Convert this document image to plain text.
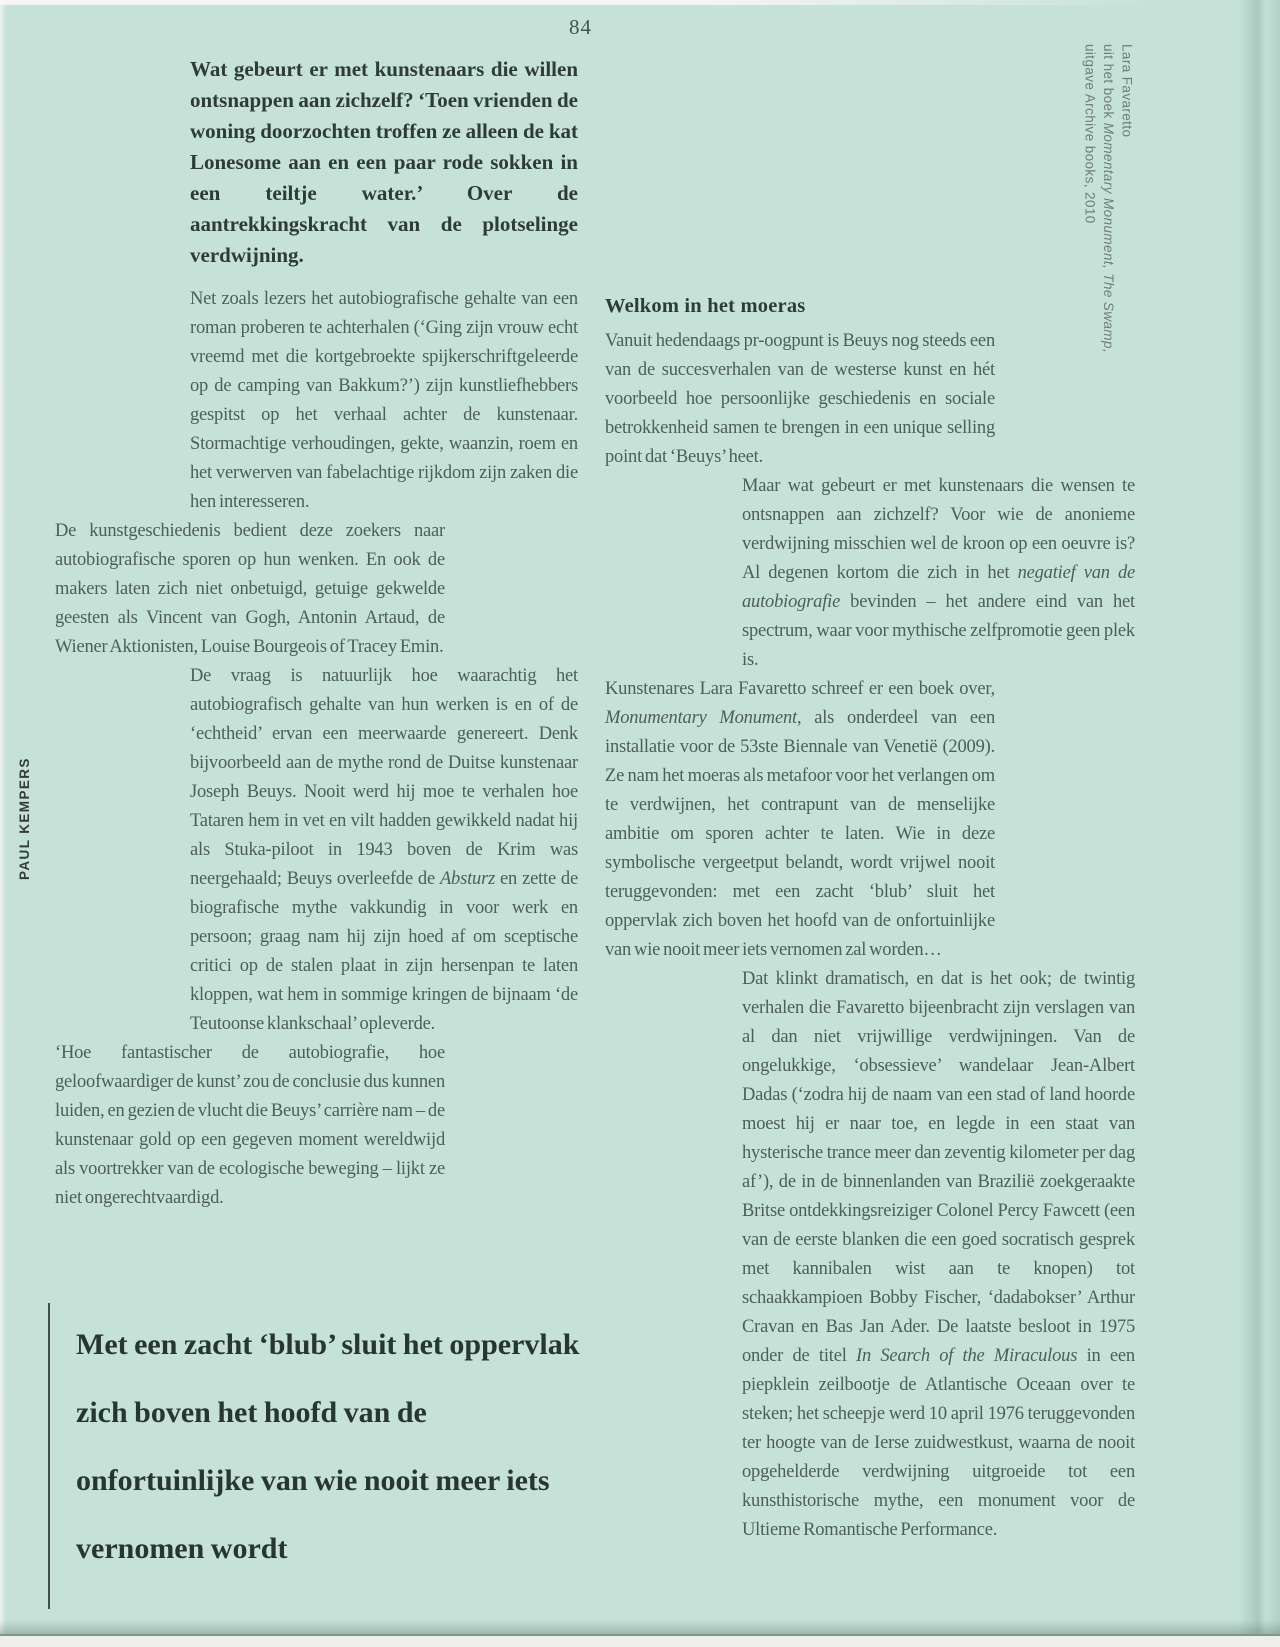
84
Lara Favaretto
uit het boek Momentary Monument, The Swamp,
uitgave Archive books, 2010
PAUL KEMPERS
Wat gebeurt er met kunstenaars die willen ontsnappen aan zichzelf? ‘Toen vrienden de woning doorzochten troffen ze alleen de kat Lonesome aan en een paar rode sokken in een teiltje water.’ Over de aantrekkingskracht van de plotselinge verdwijning.
Net zoals lezers het autobiografische gehalte van een roman proberen te achterhalen (‘Ging zijn vrouw echt vreemd met die kortgebroekte spijkerschriftgeleerde op de camping van Bakkum?’) zijn kunstliefhebbers gespitst op het verhaal achter de kunstenaar. Stormachtige verhoudingen, gekte, waanzin, roem en het verwerven van fabelachtige rijkdom zijn zaken die hen interesseren.
De kunstgeschiedenis bedient deze zoekers naar autobiografische sporen op hun wenken. En ook de makers laten zich niet onbetuigd, getuige gekwelde geesten als Vincent van Gogh, Antonin Artaud, de Wiener Aktionisten, Louise Bourgeois of Tracey Emin.
De vraag is natuurlijk hoe waarachtig het autobiografisch gehalte van hun werken is en of de ‘echtheid’ ervan een meerwaarde genereert. Denk bijvoorbeeld aan de mythe rond de Duitse kunstenaar Joseph Beuys. Nooit werd hij moe te verhalen hoe Tataren hem in vet en vilt hadden gewikkeld nadat hij als Stuka-piloot in 1943 boven de Krim was neergehaald; Beuys overleefde de Absturz en zette de biografische mythe vakkundig in voor werk en persoon; graag nam hij zijn hoed af om sceptische critici op de stalen plaat in zijn hersenpan te laten kloppen, wat hem in sommige kringen de bijnaam ‘de Teutoonse klankschaal’ opleverde.
‘Hoe fantastischer de autobiografie, hoe geloofwaardiger de kunst’ zou de conclusie dus kunnen luiden, en gezien de vlucht die Beuys’ carrière nam – de kunstenaar gold op een gegeven moment wereldwijd als voortrekker van de ecologische beweging – lijkt ze niet ongerechtvaardigd.
Welkom in het moeras
Vanuit hedendaags pr-oogpunt is Beuys nog steeds een van de succesverhalen van de westerse kunst en hét voorbeeld hoe persoonlijke geschiedenis en sociale betrokkenheid samen te brengen in een unique selling point dat ‘Beuys’ heet.
Maar wat gebeurt er met kunstenaars die wensen te ontsnappen aan zichzelf? Voor wie de anonieme verdwijning misschien wel de kroon op een oeuvre is? Al degenen kortom die zich in het negatief van de autobiografie bevinden – het andere eind van het spectrum, waar voor mythische zelfpromotie geen plek is.
Kunstenares Lara Favaretto schreef er een boek over, Monumentary Monument, als onderdeel van een installatie voor de 53ste Biennale van Venetië (2009). Ze nam het moeras als metafoor voor het verlangen om te verdwijnen, het contrapunt van de menselijke ambitie om sporen achter te laten. Wie in deze symbolische vergeetput belandt, wordt vrijwel nooit teruggevonden: met een zacht ‘blub’ sluit het oppervlak zich boven het hoofd van de onfortuinlijke van wie nooit meer iets vernomen zal worden…
Dat klinkt dramatisch, en dat is het ook; de twintig verhalen die Favaretto bijeenbracht zijn verslagen van al dan niet vrijwillige verdwijningen. Van de ongelukkige, ‘obsessieve’ wandelaar Jean-Albert Dadas (‘zodra hij de naam van een stad of land hoorde moest hij er naar toe, en legde in een staat van hysterische trance meer dan zeventig kilometer per dag af’), de in de binnenlanden van Brazilië zoekgeraakte Britse ontdekkingsreiziger Colonel Percy Fawcett (een van de eerste blanken die een goed socratisch gesprek met kannibalen wist aan te knopen) tot schaakkampioen Bobby Fischer, ‘dadabokser’ Arthur Cravan en Bas Jan Ader. De laatste besloot in 1975 onder de titel In Search of the Miraculous in een piepklein zeilbootje de Atlantische Oceaan over te steken; het scheepje werd 10 april 1976 teruggevonden ter hoogte van de Ierse zuidwestkust, waarna de nooit opgehelderde verdwijning uitgroeide tot een kunsthistorische mythe, een monument voor de Ultieme Romantische Performance.
Met een zacht ‘blub’ sluit het oppervlak zich boven het hoofd van de onfortuinlijke van wie nooit meer iets vernomen wordt
